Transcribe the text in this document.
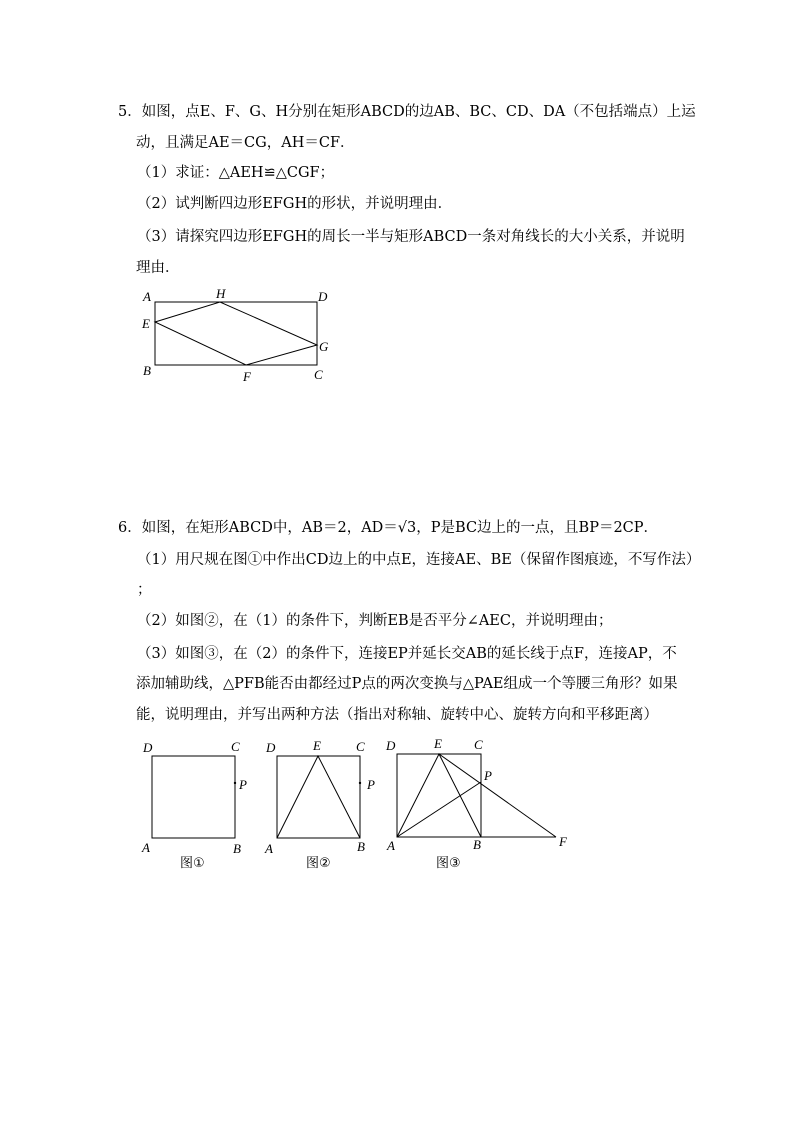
5．如图，点E、F、G、H分别在矩形ABCD的边AB、BC、CD、DA（不包括端点）上运
动，且满足AE＝CG，AH＝CF．
（1）求证：△AEH≌△CGF；
（2）试判断四边形EFGH的形状，并说明理由．
（3）请探究四边形EFGH的周长一半与矩形ABCD一条对角线长的大小关系，并说明
理由．
A	H	D
E
G
B	F	C
6．如图，在矩形ABCD中，AB＝2，AD＝√3，P是BC边上的一点，且BP＝2CP．
（1）用尺规在图①中作出CD边上的中点E，连接AE、BE（保留作图痕迹，不写作法）
；
（2）如图②，在（1）的条件下，判断EB是否平分∠AEC，并说明理由；
（3）如图③，在（2）的条件下，连接EP并延长交AB的延长线于点F，连接AP，不
添加辅助线，△PFB能否由都经过P点的两次变换与△PAE组成一个等腰三角形？如果
能，说明理由，并写出两种方法（指出对称轴、旋转中心、旋转方向和平移距离）
D	C
P
A	B
图①
D	E	C
P
A	B
图②
D	E C
P
A	B	F
图③
